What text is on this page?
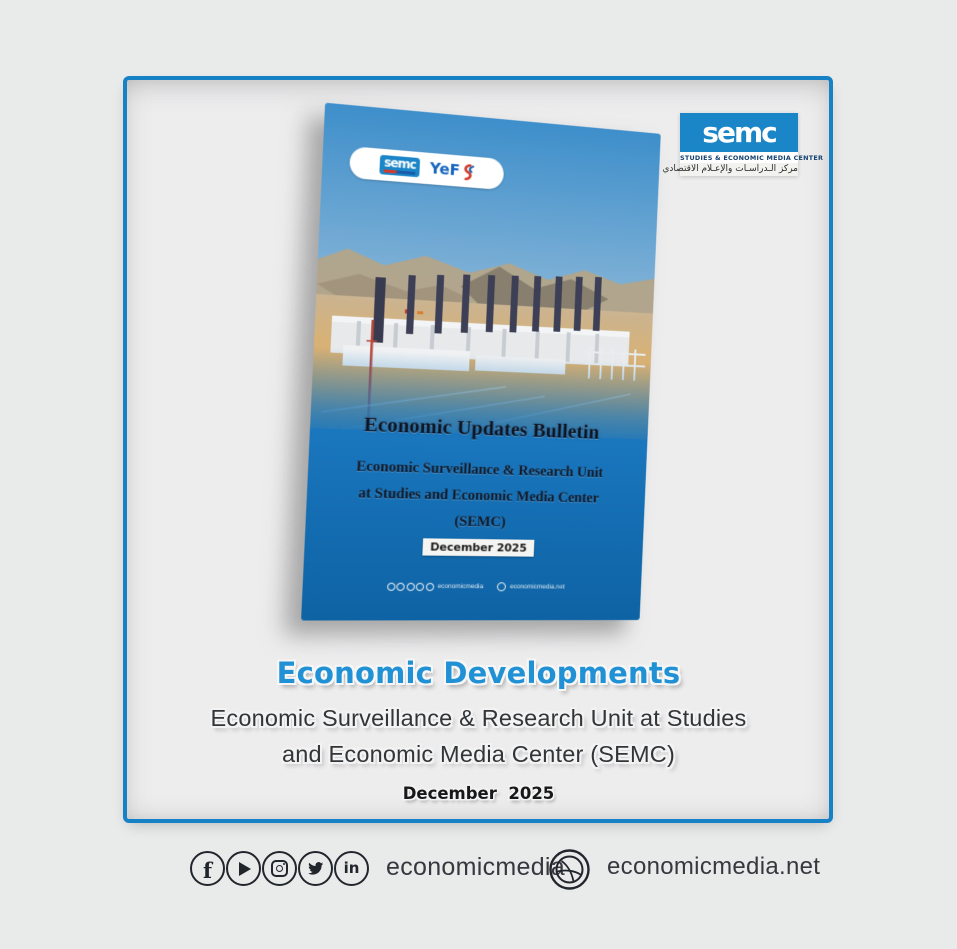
semc
STUDIES & ECONOMIC MEDIA CENTER
مركز الـدراسـات والإعـلام الاقتصادي
semc YeF
Economic Updates Bulletin
Economic Surveillance & Research Unit
at Studies and Economic Media Center
(SEMC)
December 2025
economicmedia	economicmedia.net
Economic Developments
Economic Surveillance & Research Unit at Studies
and Economic Media Center (SEMC)
December  2025
f	in economicmedia economicmedia.net
